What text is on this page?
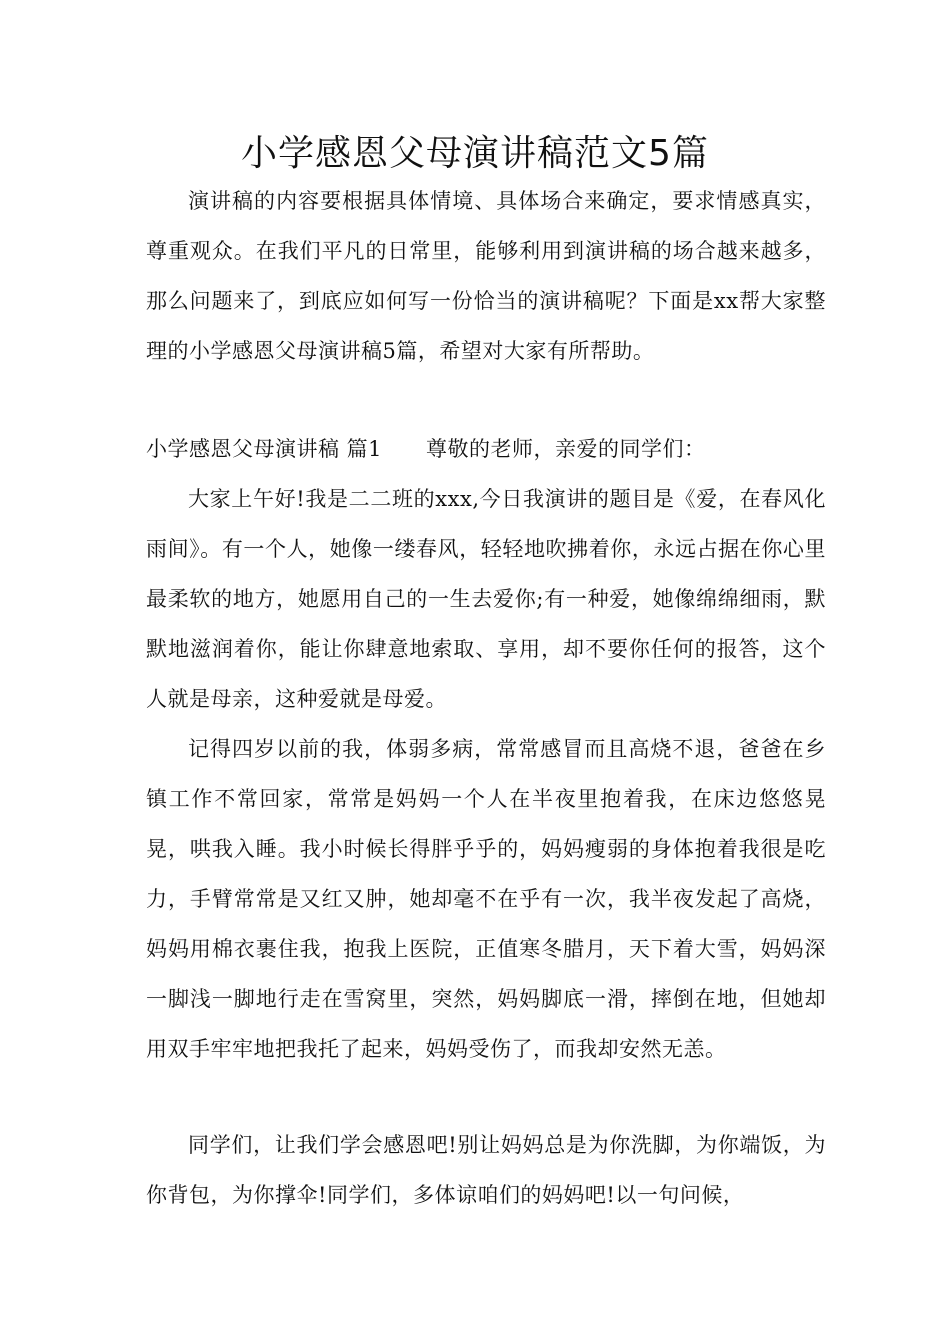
小学感恩父母演讲稿范文5篇

演讲稿的内容要根据具体情境、具体场合来确定，要求情感真实，尊重观众。在我们平凡的日常里，能够利用到演讲稿的场合越来越多，那么问题来了，到底应如何写一份恰当的演讲稿呢？下面是xx帮大家整理的小学感恩父母演讲稿5篇，希望对大家有所帮助。

小学感恩父母演讲稿 篇1 尊敬的老师，亲爱的同学们：

大家上午好!我是二二班的xxx,今日我演讲的题目是《爱，在春风化雨间》。有一个人，她像一缕春风，轻轻地吹拂着你，永远占据在你心里最柔软的地方，她愿用自己的一生去爱你;有一种爱，她像绵绵细雨，默默地滋润着你，能让你肆意地索取、享用，却不要你任何的报答，这个人就是母亲，这种爱就是母爱。

记得四岁以前的我，体弱多病，常常感冒而且高烧不退，爸爸在乡镇工作不常回家，常常是妈妈一个人在半夜里抱着我，在床边悠悠晃晃，哄我入睡。我小时候长得胖乎乎的，妈妈瘦弱的身体抱着我很是吃力，手臂常常是又红又肿，她却毫不在乎有一次，我半夜发起了高烧，妈妈用棉衣裹住我，抱我上医院，正值寒冬腊月，天下着大雪，妈妈深一脚浅一脚地行走在雪窝里，突然，妈妈脚底一滑，摔倒在地，但她却用双手牢牢地把我托了起来，妈妈受伤了，而我却安然无恙。

同学们，让我们学会感恩吧!别让妈妈总是为你洗脚，为你端饭，为你背包，为你撑伞!同学们，多体谅咱们的妈妈吧!以一句问候，
